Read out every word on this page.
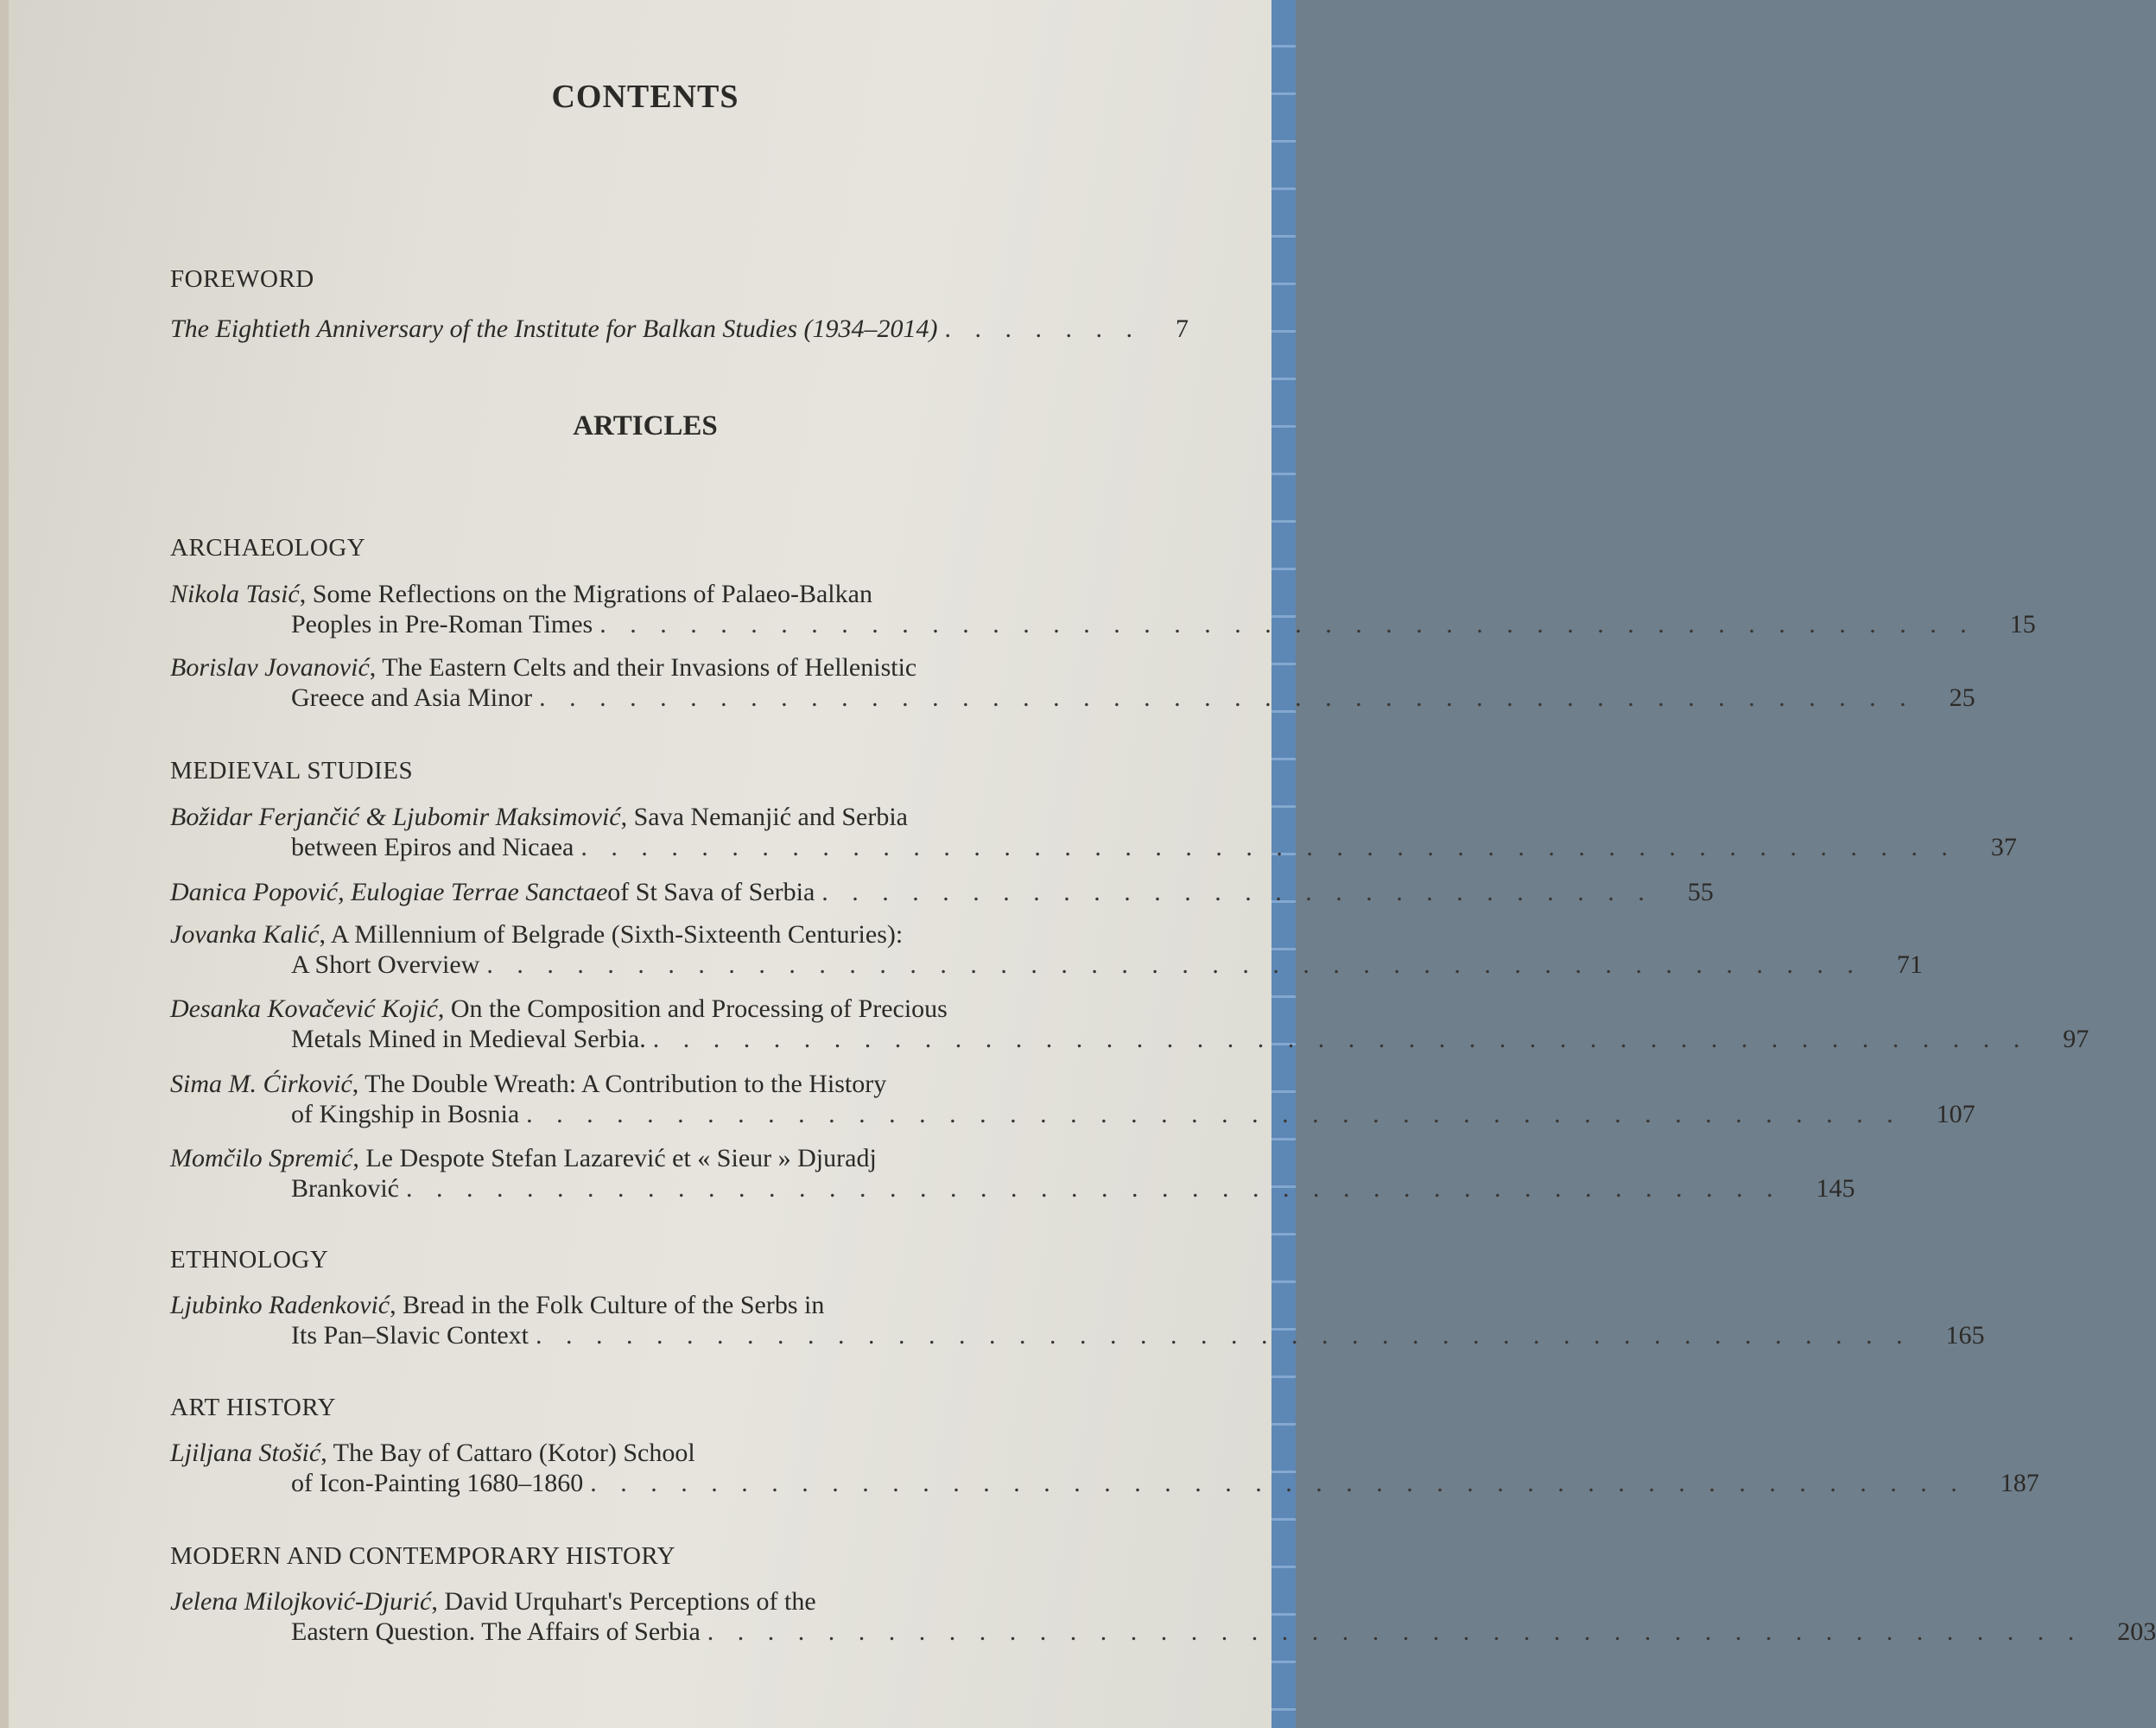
CONTENTS
FOREWORD
The Eightieth Anniversary of the Institute for Balkan Studies (1934–2014) . . . . . . . 7
ARTICLES
ARCHAEOLOGY
Nikola Tasić, Some Reflections on the Migrations of Palaeo-Balkan
Peoples in Pre-Roman Times . . . . . . . . . . . . . . . . . . . . . . . . . . . . . . . . . . . . . . . . . . . . . . 15
Borislav Jovanović, The Eastern Celts and their Invasions of Hellenistic
Greece and Asia Minor . . . . . . . . . . . . . . . . . . . . . . . . . . . . . . . . . . . . . . . . . . . . . . 25
MEDIEVAL STUDIES
Božidar Ferjančić & Ljubomir Maksimović, Sava Nemanjić and Serbia
between Epiros and Nicaea . . . . . . . . . . . . . . . . . . . . . . . . . . . . . . . . . . . . . . . . . . . . . . 37
Danica Popović , Eulogiae Terrae Sanctae of St Sava of Serbia . . . . . . . . . . . . . . . . . . . . . . . . . . . . 55
Jovanka Kalić, A Millennium of Belgrade (Sixth-Sixteenth Centuries):
A Short Overview . . . . . . . . . . . . . . . . . . . . . . . . . . . . . . . . . . . . . . . . . . . . . . 71
Desanka Kovačević Kojić, On the Composition and Processing of Precious
Metals Mined in Medieval Serbia. . . . . . . . . . . . . . . . . . . . . . . . . . . . . . . . . . . . . . . . . . . . . . . 97
Sima M. Ćirković, The Double Wreath: A Contribution to the History
of Kingship in Bosnia . . . . . . . . . . . . . . . . . . . . . . . . . . . . . . . . . . . . . . . . . . . . . . 107
Momčilo Spremić, Le Despote Stefan Lazarević et « Sieur » Djuradj
Branković . . . . . . . . . . . . . . . . . . . . . . . . . . . . . . . . . . . . . . . . . . . . . . 145
ETHNOLOGY
Ljubinko Radenković, Bread in the Folk Culture of the Serbs in
Its Pan–Slavic Context . . . . . . . . . . . . . . . . . . . . . . . . . . . . . . . . . . . . . . . . . . . . . . 165
ART HISTORY
Ljiljana Stošić, The Bay of Cattaro (Kotor) School
of Icon-Painting 1680–1860 . . . . . . . . . . . . . . . . . . . . . . . . . . . . . . . . . . . . . . . . . . . . . . 187
MODERN AND CONTEMPORARY HISTORY
Jelena Milojković-Djurić, David Urquhart's Perceptions of the
Eastern Question. The Affairs of Serbia . . . . . . . . . . . . . . . . . . . . . . . . . . . . . . . . . . . . . . . . . . . . . . 203
